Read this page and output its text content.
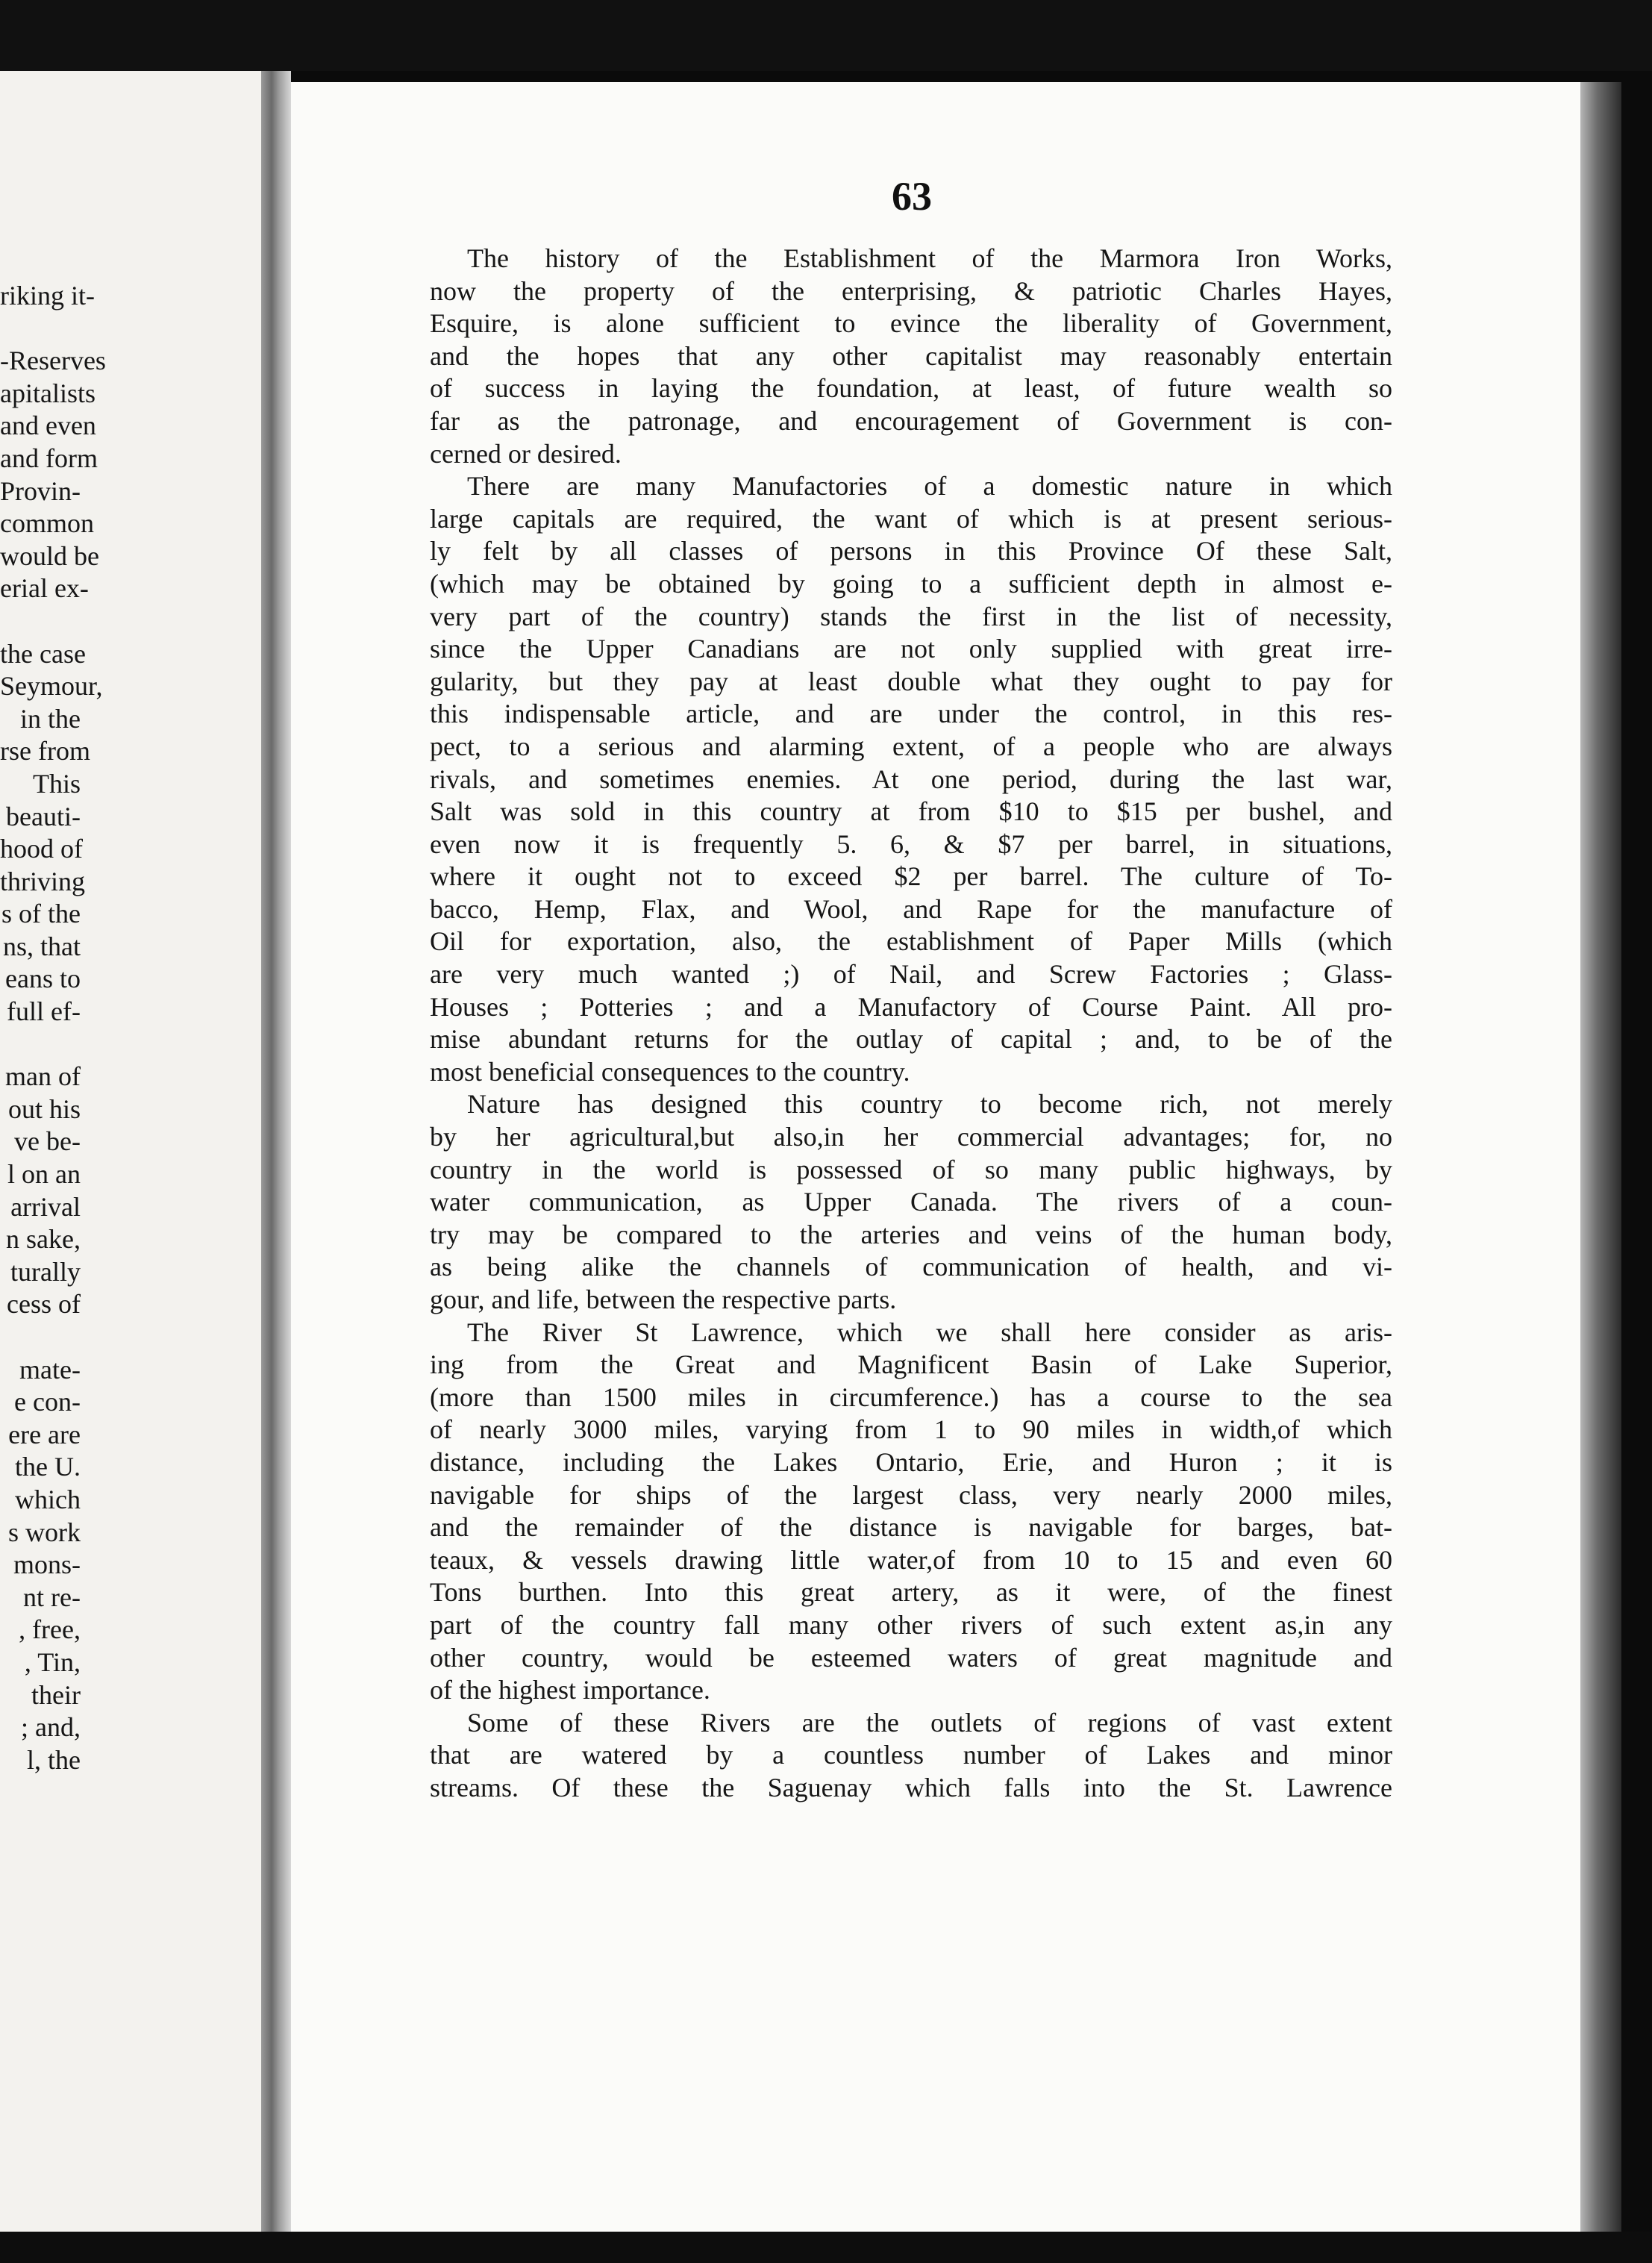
63
riking it-
-Reserves
apitalists
and even
and form
Provin-
common
would be
erial ex-
the case
Seymour,
in the
rse from
This
beauti-
hood of
thriving
s of the
ns, that
eans to
full ef-
man of
out his
ve be-
l on an
arrival
n sake,
turally
cess of
mate-
e con-
ere are
the U.
which
s work
mons-
nt re-
, free,
, Tin,
their
; and,
l, the
The history of the Establishment of the Marmora Iron Works,
now the property of the enterprising, & patriotic Charles Hayes,
Esquire, is alone sufficient to evince the liberality of Government,
and the hopes that any other capitalist may reasonably entertain
of success in laying the foundation, at least, of future wealth so
far as the patronage, and encouragement of Government is con-
cerned or desired.
There are many Manufactories of a domestic nature in which
large capitals are required, the want of which is at present serious-
ly felt by all classes of persons in this Province Of these Salt,
(which may be obtained by going to a sufficient depth in almost e-
very part of the country) stands the first in the list of necessity,
since the Upper Canadians are not only supplied with great irre-
gularity, but they pay at least double what they ought to pay for
this indispensable article, and are under the control, in this res-
pect, to a serious and alarming extent, of a people who are always
rivals, and sometimes enemies. At one period, during the last war,
Salt was sold in this country at from $10 to $15 per bushel, and
even now it is frequently 5. 6, & $7 per barrel, in situations,
where it ought not to exceed $2 per barrel. The culture of To-
bacco, Hemp, Flax, and Wool, and Rape for the manufacture of
Oil for exportation, also, the establishment of Paper Mills (which
are very much wanted ;) of Nail, and Screw Factories ; Glass-
Houses ; Potteries ; and a Manufactory of Course Paint. All pro-
mise abundant returns for the outlay of capital ; and, to be of the
most beneficial consequences to the country.
Nature has designed this country to become rich, not merely
by her agricultural,but also,in her commercial advantages; for, no
country in the world is possessed of so many public highways, by
water communication, as Upper Canada. The rivers of a coun-
try may be compared to the arteries and veins of the human body,
as being alike the channels of communication of health, and vi-
gour, and life, between the respective parts.
The River St Lawrence, which we shall here consider as aris-
ing from the Great and Magnificent Basin of Lake Superior,
(more than 1500 miles in circumference.) has a course to the sea
of nearly 3000 miles, varying from 1 to 90 miles in width,of which
distance, including the Lakes Ontario, Erie, and Huron ; it is
navigable for ships of the largest class, very nearly 2000 miles,
and the remainder of the distance is navigable for barges, bat-
teaux, & vessels drawing little water,of from 10 to 15 and even 60
Tons burthen. Into this great artery, as it were, of the finest
part of the country fall many other rivers of such extent as,in any
other country, would be esteemed waters of great magnitude and
of the highest importance.
Some of these Rivers are the outlets of regions of vast extent
that are watered by a countless number of Lakes and minor
streams. Of these the Saguenay which falls into the St. Lawrence
